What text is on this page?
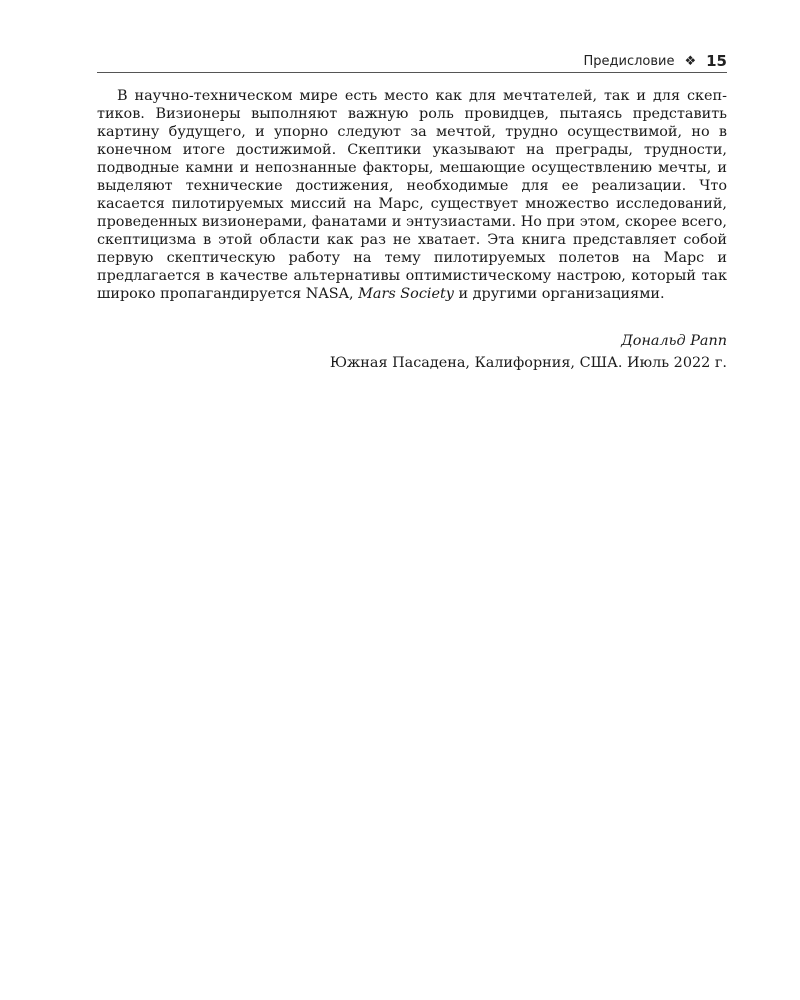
Предисловие ❖ 15

В научно-техническом мире есть место как для мечтателей, так и для скептиков. Визионеры выполняют важную роль провидцев, пытаясь представить картину будущего, и упорно следуют за мечтой, трудно осуществимой, но в конечном итоге достижимой. Скептики указывают на преграды, трудности, подводные камни и непознанные факторы, мешающие осуществлению мечты, и выделяют технические достижения, необходимые для ее реализации. Что касается пилотируемых миссий на Марс, существует множество исследований, проведенных визионерами, фанатами и энтузиастами. Но при этом, скорее всего, скептицизма в этой области как раз не хватает. Эта книга представляет собой первую скептическую работу на тему пилотируемых полетов на Марс и предлагается в качестве альтернативы оптимистическому настрою, который так широко пропагандируется NASA, Mars Society и другими организациями.

Дональд Рапп
Южная Пасадена, Калифорния, США. Июль 2022 г.
